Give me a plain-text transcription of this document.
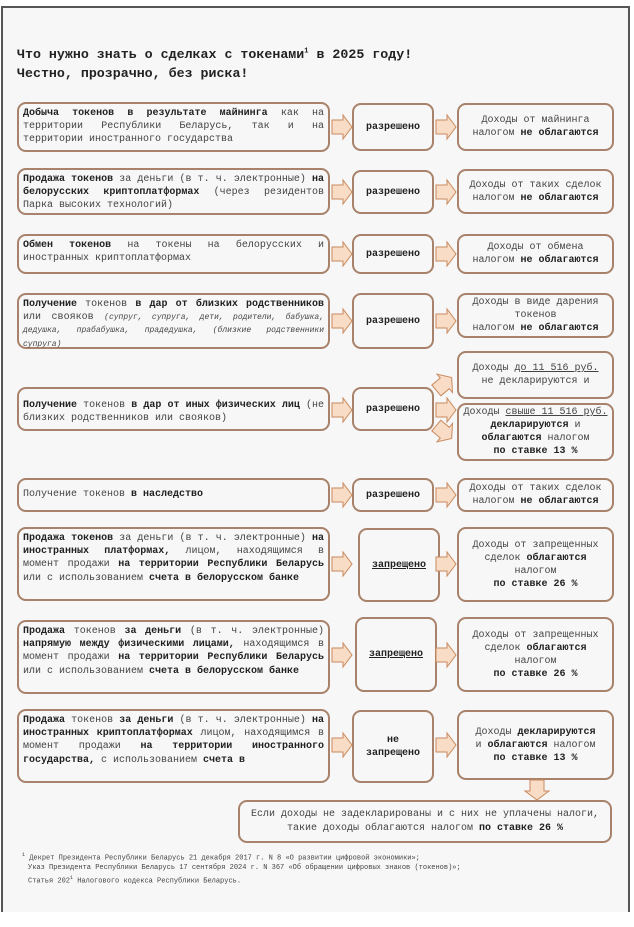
Что нужно знать о сделках с токенами$^1$ в 2025 году!
Честно, прозрачно, без риска!
Добыча токенов в результате майнинга как на территории Республики Беларусь, так и на территории иностранного государства
разрешено
Доходы от майнинга
налогом не облагаются
Продажа токенов за деньги (в т. ч. электронные) на белорусских криптоплатформах (через резидентов Парка высоких технологий)
разрешено
Доходы от таких сделок
налогом не облагаются
Обмен токенов на токены на белорусских и иностранных криптоплатформах	разрешено
Доходы от обмена
налогом не облагаются
Получение токенов в дар от близких родственников или свояков (супруг, супруга, дети, родители, бабушка, дедушка, прабабушка, прадедушка, (близкие родственники супруга)
разрешено
Доходы в виде дарения токенов
налогом не облагаются
Получение токенов в дар от иных физических лиц (не близких родственников или свояков)
разрешено
Доходы до 11 516 руб.
не декларируются и
Доходы свыше 11 516 руб. декларируются и облагаются налогом
по ставке 13 %
Получение токенов в наследство	разрешено
Доходы от таких сделок
налогом не облагаются
Продажа токенов за деньги (в т. ч. электронные) на иностранных платформах, лицом, находящимся в момент продажи на территории Республики Беларусь или с использованием счета в белорусском банке
запрещено
Доходы от запрещенных сделок облагаются
налогом
по ставке 26 %
Продажа токенов за деньги (в т. ч. электронные) напрямую между физическими лицами, находящимся в момент продажи на территории Республики Беларусь или с использованием счета в белорусском банке
запрещено
Доходы от запрещенных сделок облагаются
налогом
по ставке 26 %
Продажа токенов за деньги (в т. ч. электронные) на иностранных криптоплатформах лицом, находящимся в момент продажи на территории иностранного государства, с использованием счета в
не
запрещено
Доходы декларируются
и облагаются налогом
по ставке 13 %
Если доходы не задекларированы и с них не уплачены налоги, такие доходы облагаются налогом по ставке 26 %
$^1$ Декрет Президента Республики Беларусь 21 декабря 2017 г. N 8 «О развитии цифровой экономики»;
Указ Президента Республики Беларусь 17 сентября 2024 г. N 367 «Об обращении цифровых знаков (токенов)»;
Статья $202^1$ Налогового кодекса Республики Беларусь.
